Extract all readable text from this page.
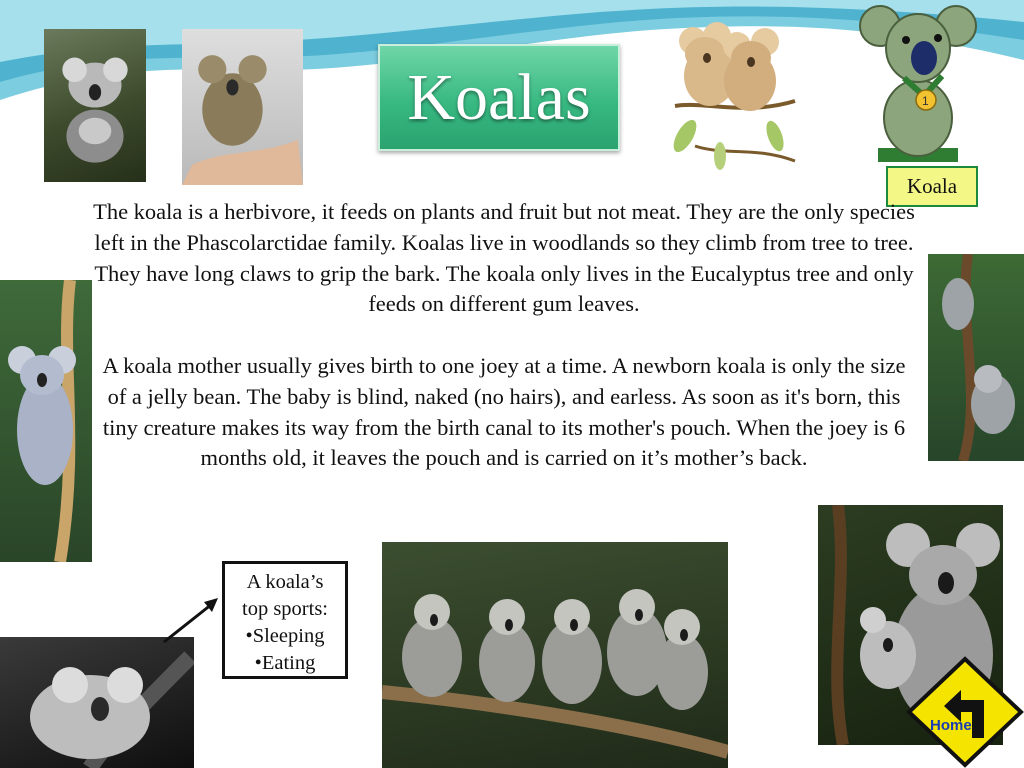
Koalas	1
Koala

The koala is a herbivore, it feeds on plants and fruit but not meat. They are the only species left in the Phascolarctidae family. Koalas live in woodlands so they climb from tree to tree. They have long claws to grip the bark. The koala only lives in the Eucalyptus tree and only feeds on different gum leaves.

A koala mother usually gives birth to one joey at a time. A newborn koala is only the size of a jelly bean. The baby is blind, naked (no hairs), and earless. As soon as it's born, this tiny creature makes its way from the birth canal to its mother's pouch. When the joey is 6 months old, it leaves the pouch and is carried on it’s mother’s back.

A koala’s
top sports:
•Sleeping
•Eating
Home
